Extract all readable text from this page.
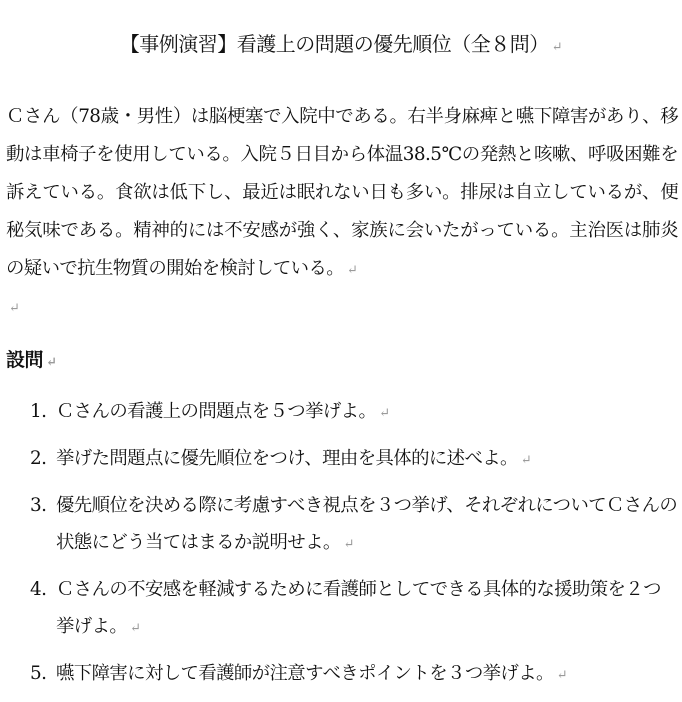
【事例演習】看護上の問題の優先順位（全８問） ↵
Ｃさん（78歳・男性）は脳梗塞で入院中である。右半身麻痺と嚥下障害があり、移動は車椅子を使用している。入院５日目から体温38.5℃の発熱と咳嗽、呼吸困難を訴えている。食欲は低下し、最近は眠れない日も多い。排尿は自立しているが、便秘気味である。精神的には不安感が強く、家族に会いたがっている。主治医は肺炎の疑いで抗生物質の開始を検討している。 ↵
↵
設問 ↵
1. Ｃさんの看護上の問題点を５つ挙げよ。 ↵
2. 挙げた問題点に優先順位をつけ、理由を具体的に述べよ。 ↵
3. 優先順位を決める際に考慮すべき視点を３つ挙げ、それぞれについてＣさんの状態にどう当てはまるか説明せよ。 ↵
4. Ｃさんの不安感を軽減するために看護師としてできる具体的な援助策を２つ挙げよ。 ↵
5. 嚥下障害に対して看護師が注意すべきポイントを３つ挙げよ。 ↵
